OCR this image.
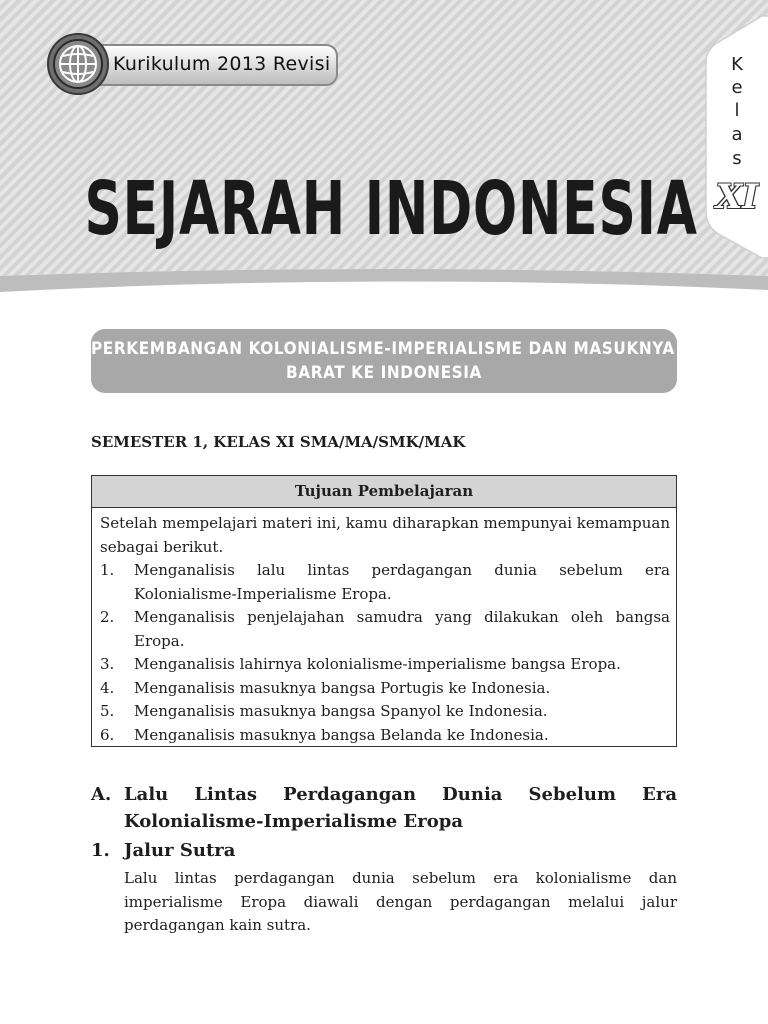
Kurikulum 2013 Revisi
SEJARAH INDONESIA
K
e
l
a
s
XI
PERKEMBANGAN KOLONIALISME-IMPERIALISME DAN MASUKNYA  BANGSA
BARAT KE INDONESIA
SEMESTER 1, KELAS XI SMA/MA/SMK/MAK
Tujuan Pembelajaran
Setelah mempelajari materi ini, kamu diharapkan mempunyai kemampuan sebagai berikut.
1. Menganalisis lalu lintas perdagangan dunia sebelum era Kolonialisme-Imperialisme Eropa.
2. Menganalisis penjelajahan samudra yang dilakukan oleh bangsa Eropa.
3. Menganalisis lahirnya kolonialisme-imperialisme bangsa Eropa.
4. Menganalisis masuknya bangsa Portugis ke Indonesia.
5. Menganalisis masuknya bangsa Spanyol ke Indonesia.
6. Menganalisis masuknya bangsa Belanda ke Indonesia.
A. Lalu Lintas Perdagangan Dunia Sebelum Era Kolonialisme-Imperialisme Eropa
1. Jalur Sutra
Lalu lintas perdagangan dunia sebelum era kolonialisme dan imperialisme Eropa diawali dengan perdagangan melalui jalur perdagangan kain sutra.
